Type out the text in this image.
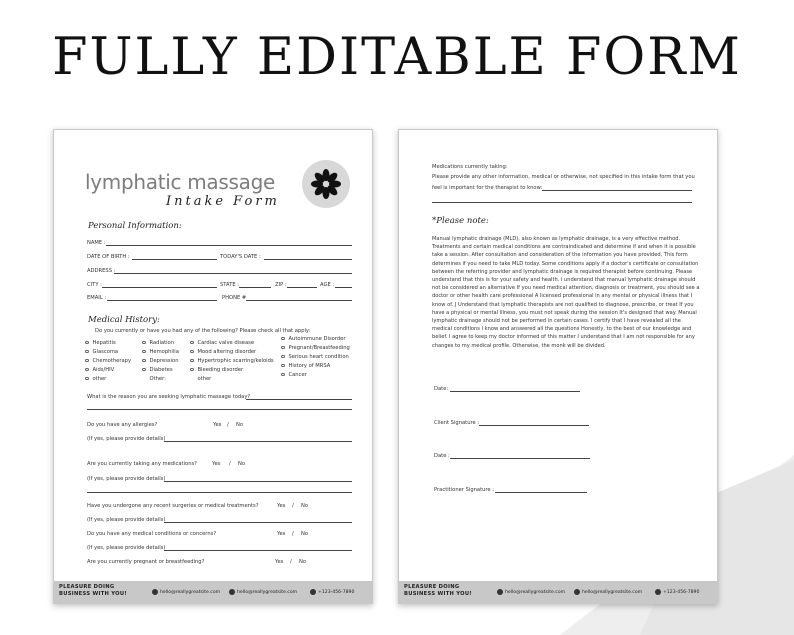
FULLY EDITABLE FORM
lymphatic massage
Intake Form
Personal Information:
NAME :
DATE OF BIRTH :	TODAY'S DATE :
ADDRESS :
CITY :	STATE :	ZIP :	AGE :
EMAIL :	PHONE #
Medical History:
Do you currently or have you had any of the following? Please check all that apply:
Hepatitis
Glascoma
Chemotherapy
Aids/HIV
other
Radiation
Hemophilia
Depression
Diabetes
Other:
Cardiac valve disease
Mood altering disorder
Hypertrophic scarring/keloids
Bleeding disorder
other
Autoimmune Disorder
Pregnant/Breastfeeding
Serious heart condition
History of MRSA
Cancer
What is the reason you are seeking lymphatic massage today?
Do you have any allergies?	Yes / No
(If yes, please provide details)
Are you currently taking any medications?	Yes / No
(If yes, please provide details)
Have you undergone any recent surgeries or medical treatments?	Yes / No
(If yes, please provide details)
Do you have any medical conditions or concerns?	Yes / No
(If yes, please provide details)
Are you currently pregnant or breastfeeding?	Yes / No
PLEASURE DOING
BUSINESS WITH YOU!	hello@reallygreatsite.com	hello@reallygreatsite.com	+123-456-7890
Medications currently taking:
Please provide any other information, medical or otherwise, not specified in this intake form that you
feel is important for the therapist to know:
*Please note:
Manual lymphatic drainage (MLD), also known as lymphatic drainage, is a very effective method. Treatments and certain medical conditions are contraindicated and determine if and when it is possible take a session. After consultation and consideration of the information you have provided, This form determines if you need to take MLD today. Some conditions apply if a doctor's certificate or consultation between the referring provider and lymphatic drainage is required therapist before continuing. Please understand that this is for your safety and health. I understand that manual lymphatic drainage should not be considered an alternative If you need medical attention, diagnosis or treatment, you should see a doctor or other health care professional A licensed professional in any mental or physical illness that I know of. J Understand that lymphatic therapists are not qualified to diagnose, prescribe, or treat If you have a physical or mental illness, you must not speak during the session It's designed that way. Manual lymphatic drainage should not be performed in certain cases. I certify that I have revealed all the medical conditions I know and answered all the questions Honestly, to the best of our knowledge and belief. I agree to keep my doctor informed of this matter I understand that I am not responsible for any changes to my medical profile. Otherwise, the monk will be divided.
Date:
Client Signature :
Date :
Practitioner Signature :
PLEASURE DOING
BUSINESS WITH YOU!	hello@reallygreatsite.com	hello@reallygreatsite.com	+123-456-7890
